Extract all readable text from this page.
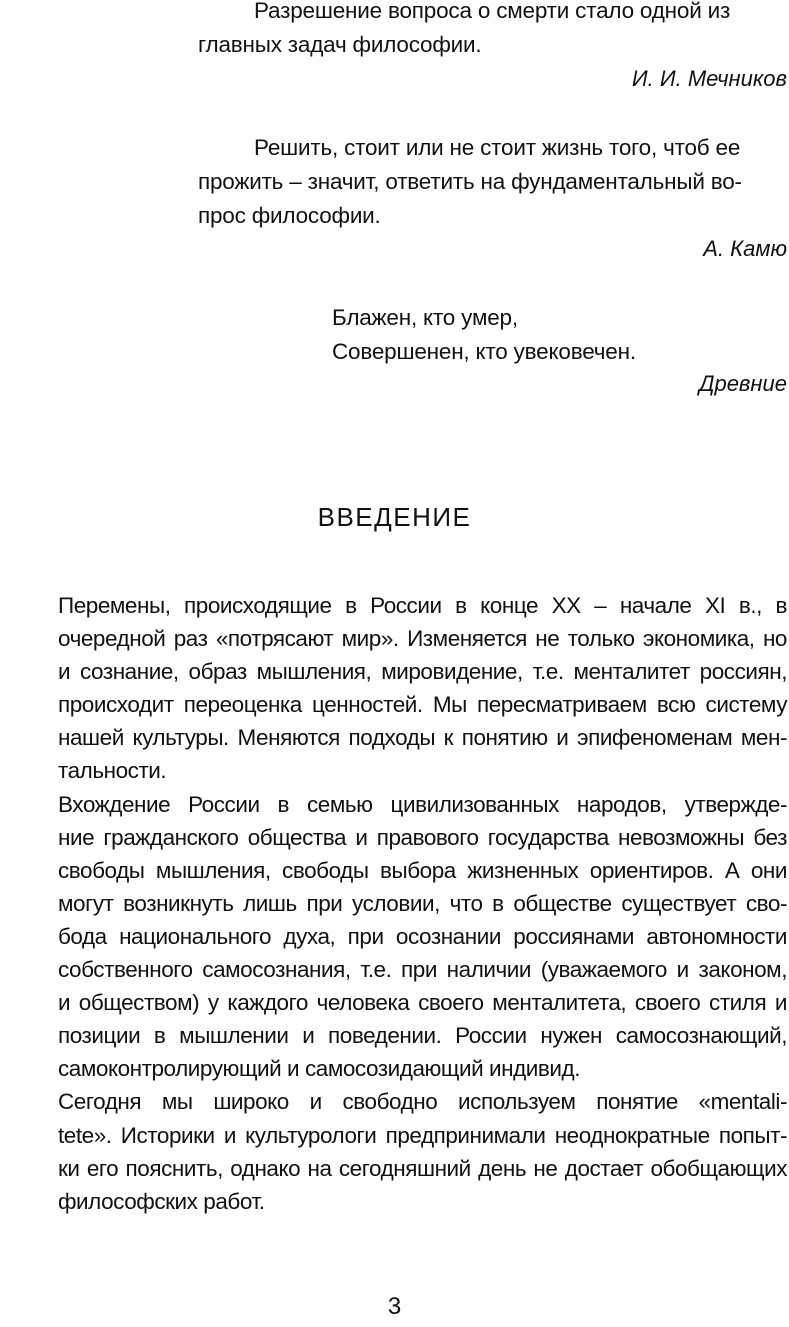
Разрешение вопроса о смерти стало одной из
главных задач философии.
И. И. Мечников
Решить, стоит или не стоит жизнь того, чтоб ее
прожить – значит, ответить на фундаментальный во-
прос философии.
А. Камю
Блажен, кто умер,
Совершенен, кто увековечен.
Древние
ВВЕДЕНИЕ

Перемены, происходящие в России в конце XX – начале XI в., в
очередной раз «потрясают мир». Изменяется не только экономика, но
и сознание, образ мышления, мировидение, т.е. менталитет россиян,
происходит переоценка ценностей. Мы пересматриваем всю систему
нашей культуры. Меняются подходы к понятию и эпифеноменам мен-
тальности.

Вхождение России в семью цивилизованных народов, утвержде-
ние гражданского общества и правового государства невозможны без
свободы мышления, свободы выбора жизненных ориентиров. А они
могут возникнуть лишь при условии, что в обществе существует сво-
бода национального духа, при осознании россиянами автономности
собственного самосознания, т.е. при наличии (уважаемого и законом,
и обществом) у каждого человека своего менталитета, своего стиля и
позиции в мышлении и поведении. России нужен самосознающий,
самоконтролирующий и самосозидающий индивид.

Сегодня мы широко и свободно используем понятие «mentali-
tete». Историки и культурологи предпринимали неоднократные попыт-
ки его пояснить, однако на сегодняшний день не достает обобщающих
философских работ.

3
